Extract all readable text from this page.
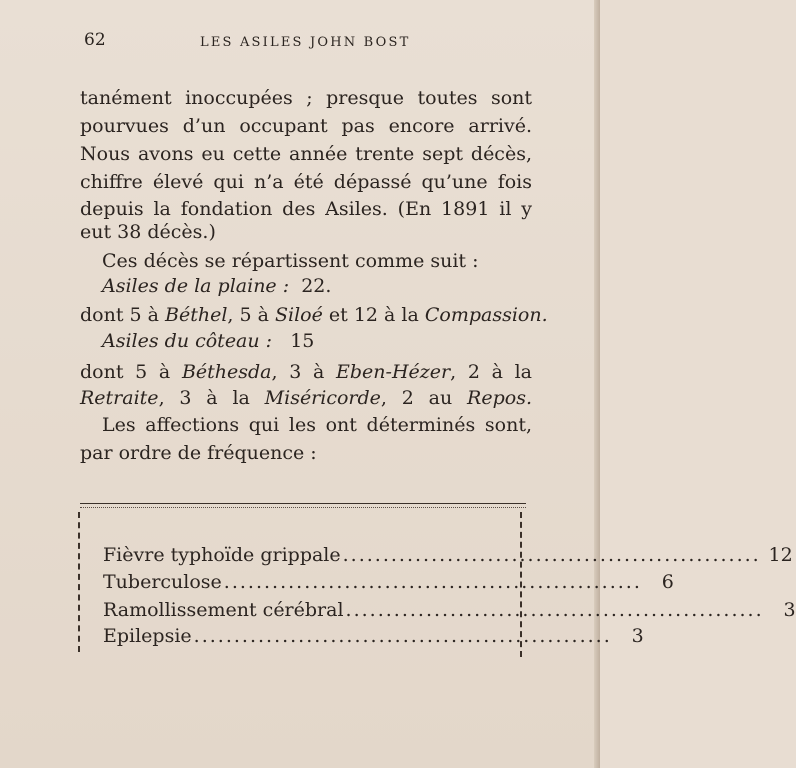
62	LES ASILES JOHN BOST
tanément inoccupées ; presque toutes sont
pourvues d’un occupant pas encore arrivé.
Nous avons eu cette année trente sept décès,
chiffre élevé qui n’a été dépassé qu’une fois
depuis la fondation des Asiles. (En 1891 il y
eut 38 décès.)
Ces décès se répartissent comme suit :
Asiles de la plaine : 22.
dont 5 à Béthel, 5 à Siloé et 12 à la Compassion.
Asiles du côteau : 15
dont 5 à Béthesda, 3 à Eben-Hézer, 2 à la
Retraite, 3 à la Miséricorde, 2 au Repos.
Les affections qui les ont déterminés sont,
par ordre de fréquence :
Fièvre typhoïde grippale .................................................... 12
Tuberculose ....................................................	6
Ramollissement cérébral ....................................................	3
Epilepsie ....................................................	3
